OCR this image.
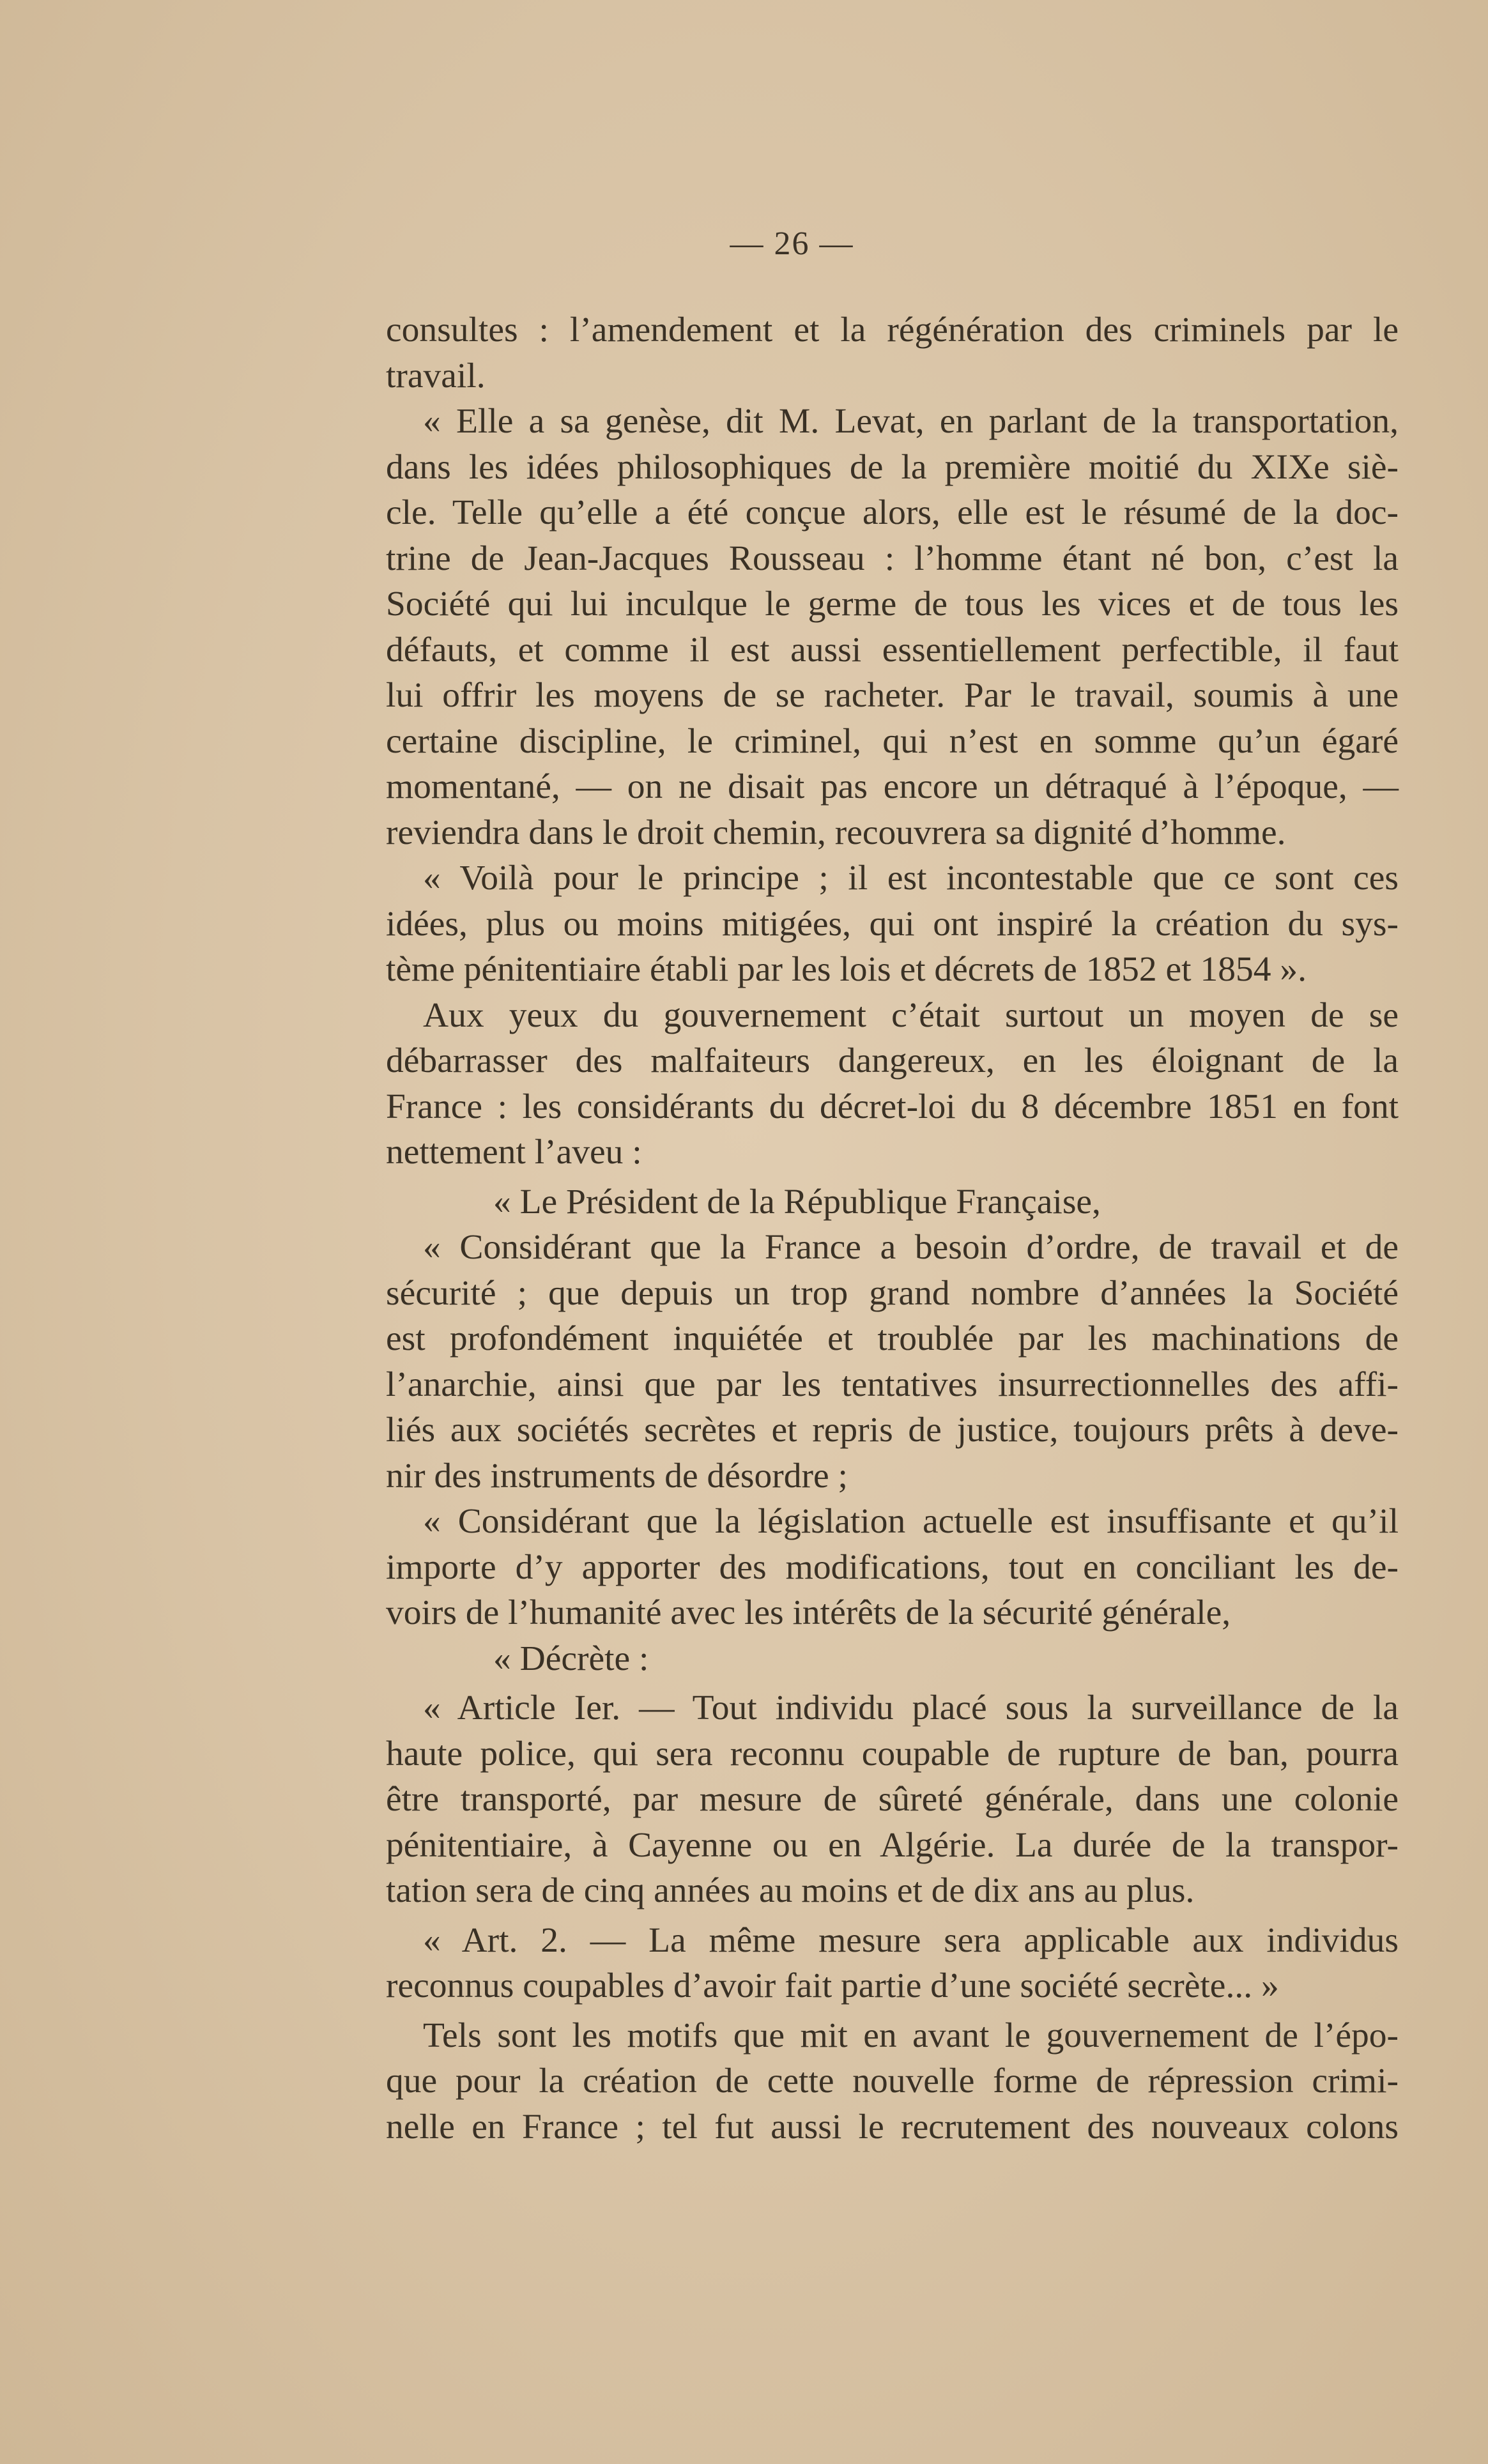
— 26 —
consultes : l’amendement et la régénération des criminels par le
travail.
« Elle a sa genèse, dit M. Levat, en parlant de la transportation,
dans les idées philosophiques de la première moitié du XIXe siè-
cle. Telle qu’elle a été conçue alors, elle est le résumé de la doc-
trine de Jean-Jacques Rousseau : l’homme étant né bon, c’est la
Société qui lui inculque le germe de tous les vices et de tous les
défauts, et comme il est aussi essentiellement perfectible, il faut
lui offrir les moyens de se racheter. Par le travail, soumis à une
certaine discipline, le criminel, qui n’est en somme qu’un égaré
momentané, — on ne disait pas encore un détraqué à l’époque, —
reviendra dans le droit chemin, recouvrera sa dignité d’homme.
« Voilà pour le principe ; il est incontestable que ce sont ces
idées, plus ou moins mitigées, qui ont inspiré la création du sys-
tème pénitentiaire établi par les lois et décrets de 1852 et 1854 ».
Aux yeux du gouvernement c’était surtout un moyen de se
débarrasser des malfaiteurs dangereux, en les éloignant de la
France : les considérants du décret-loi du 8 décembre 1851 en font
nettement l’aveu :
« Le Président de la République Française,
« Considérant que la France a besoin d’ordre, de travail et de
sécurité ; que depuis un trop grand nombre d’années la Société
est profondément inquiétée et troublée par les machinations de
l’anarchie, ainsi que par les tentatives insurrectionnelles des affi-
liés aux sociétés secrètes et repris de justice, toujours prêts à deve-
nir des instruments de désordre ;
« Considérant que la législation actuelle est insuffisante et qu’il
importe d’y apporter des modifications, tout en conciliant les de-
voirs de l’humanité avec les intérêts de la sécurité générale,
« Décrète :
« Article Ier. — Tout individu placé sous la surveillance de la
haute police, qui sera reconnu coupable de rupture de ban, pourra
être transporté, par mesure de sûreté générale, dans une colonie
pénitentiaire, à Cayenne ou en Algérie. La durée de la transpor-
tation sera de cinq années au moins et de dix ans au plus.
« Art. 2. — La même mesure sera applicable aux individus
reconnus coupables d’avoir fait partie d’une société secrète... »
Tels sont les motifs que mit en avant le gouvernement de l’épo-
que pour la création de cette nouvelle forme de répression crimi-
nelle en France ; tel fut aussi le recrutement des nouveaux colons
